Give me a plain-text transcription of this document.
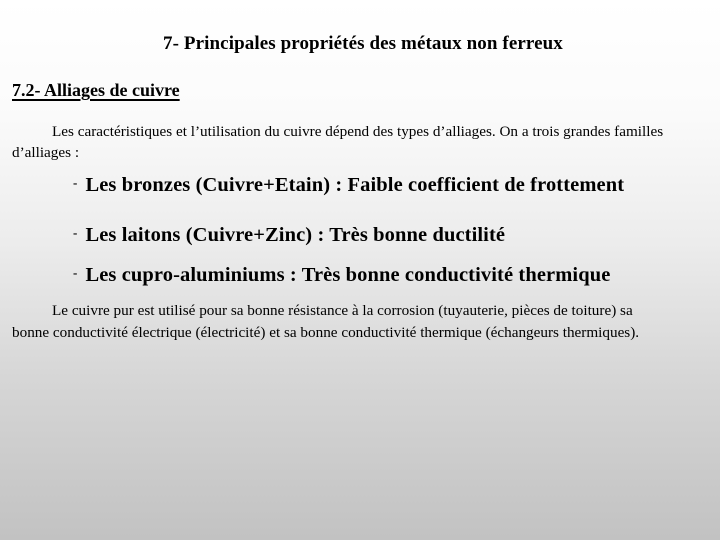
7- Principales propriétés des métaux non ferreux
7.2- Alliages de cuivre

Les caractéristiques et l’utilisation du cuivre dépend des types d’alliages. On a trois grandes familles d’alliages :

- Les bronzes (Cuivre+Etain) : Faible coefficient de frottement
- Les laitons (Cuivre+Zinc) : Très bonne ductilité
- Les cupro-aluminiums : Très bonne conductivité thermique

Le cuivre pur est utilisé pour sa bonne résistance à la corrosion (tuyauterie, pièces de toiture) sa bonne conductivité électrique (électricité) et sa bonne conductivité thermique (échangeurs thermiques).
